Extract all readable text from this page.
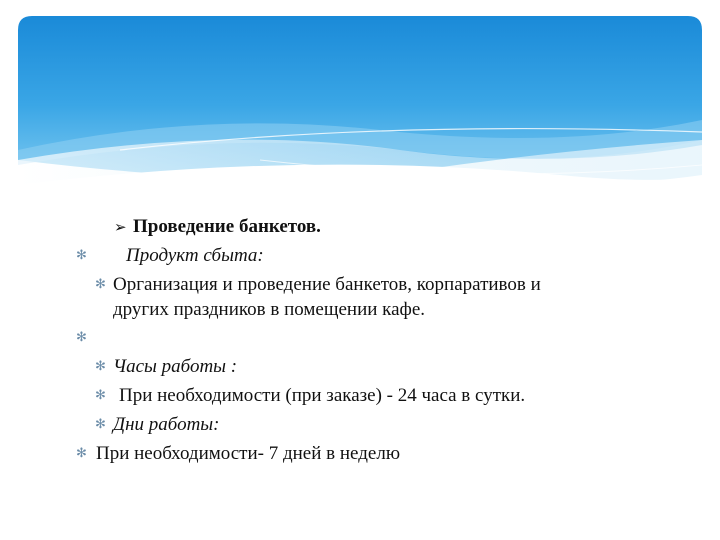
➢ Проведение банкетов.
✻ Продукт сбыта:
✻ Организация и проведение банкетов, корпаративов и
других праздников в помещении кафе.
✻
✻ Часы работы :
✻ При необходимости (при заказе) - 24 часа в сутки.
✻ Дни работы:
✻ При необходимости- 7 дней в неделю
